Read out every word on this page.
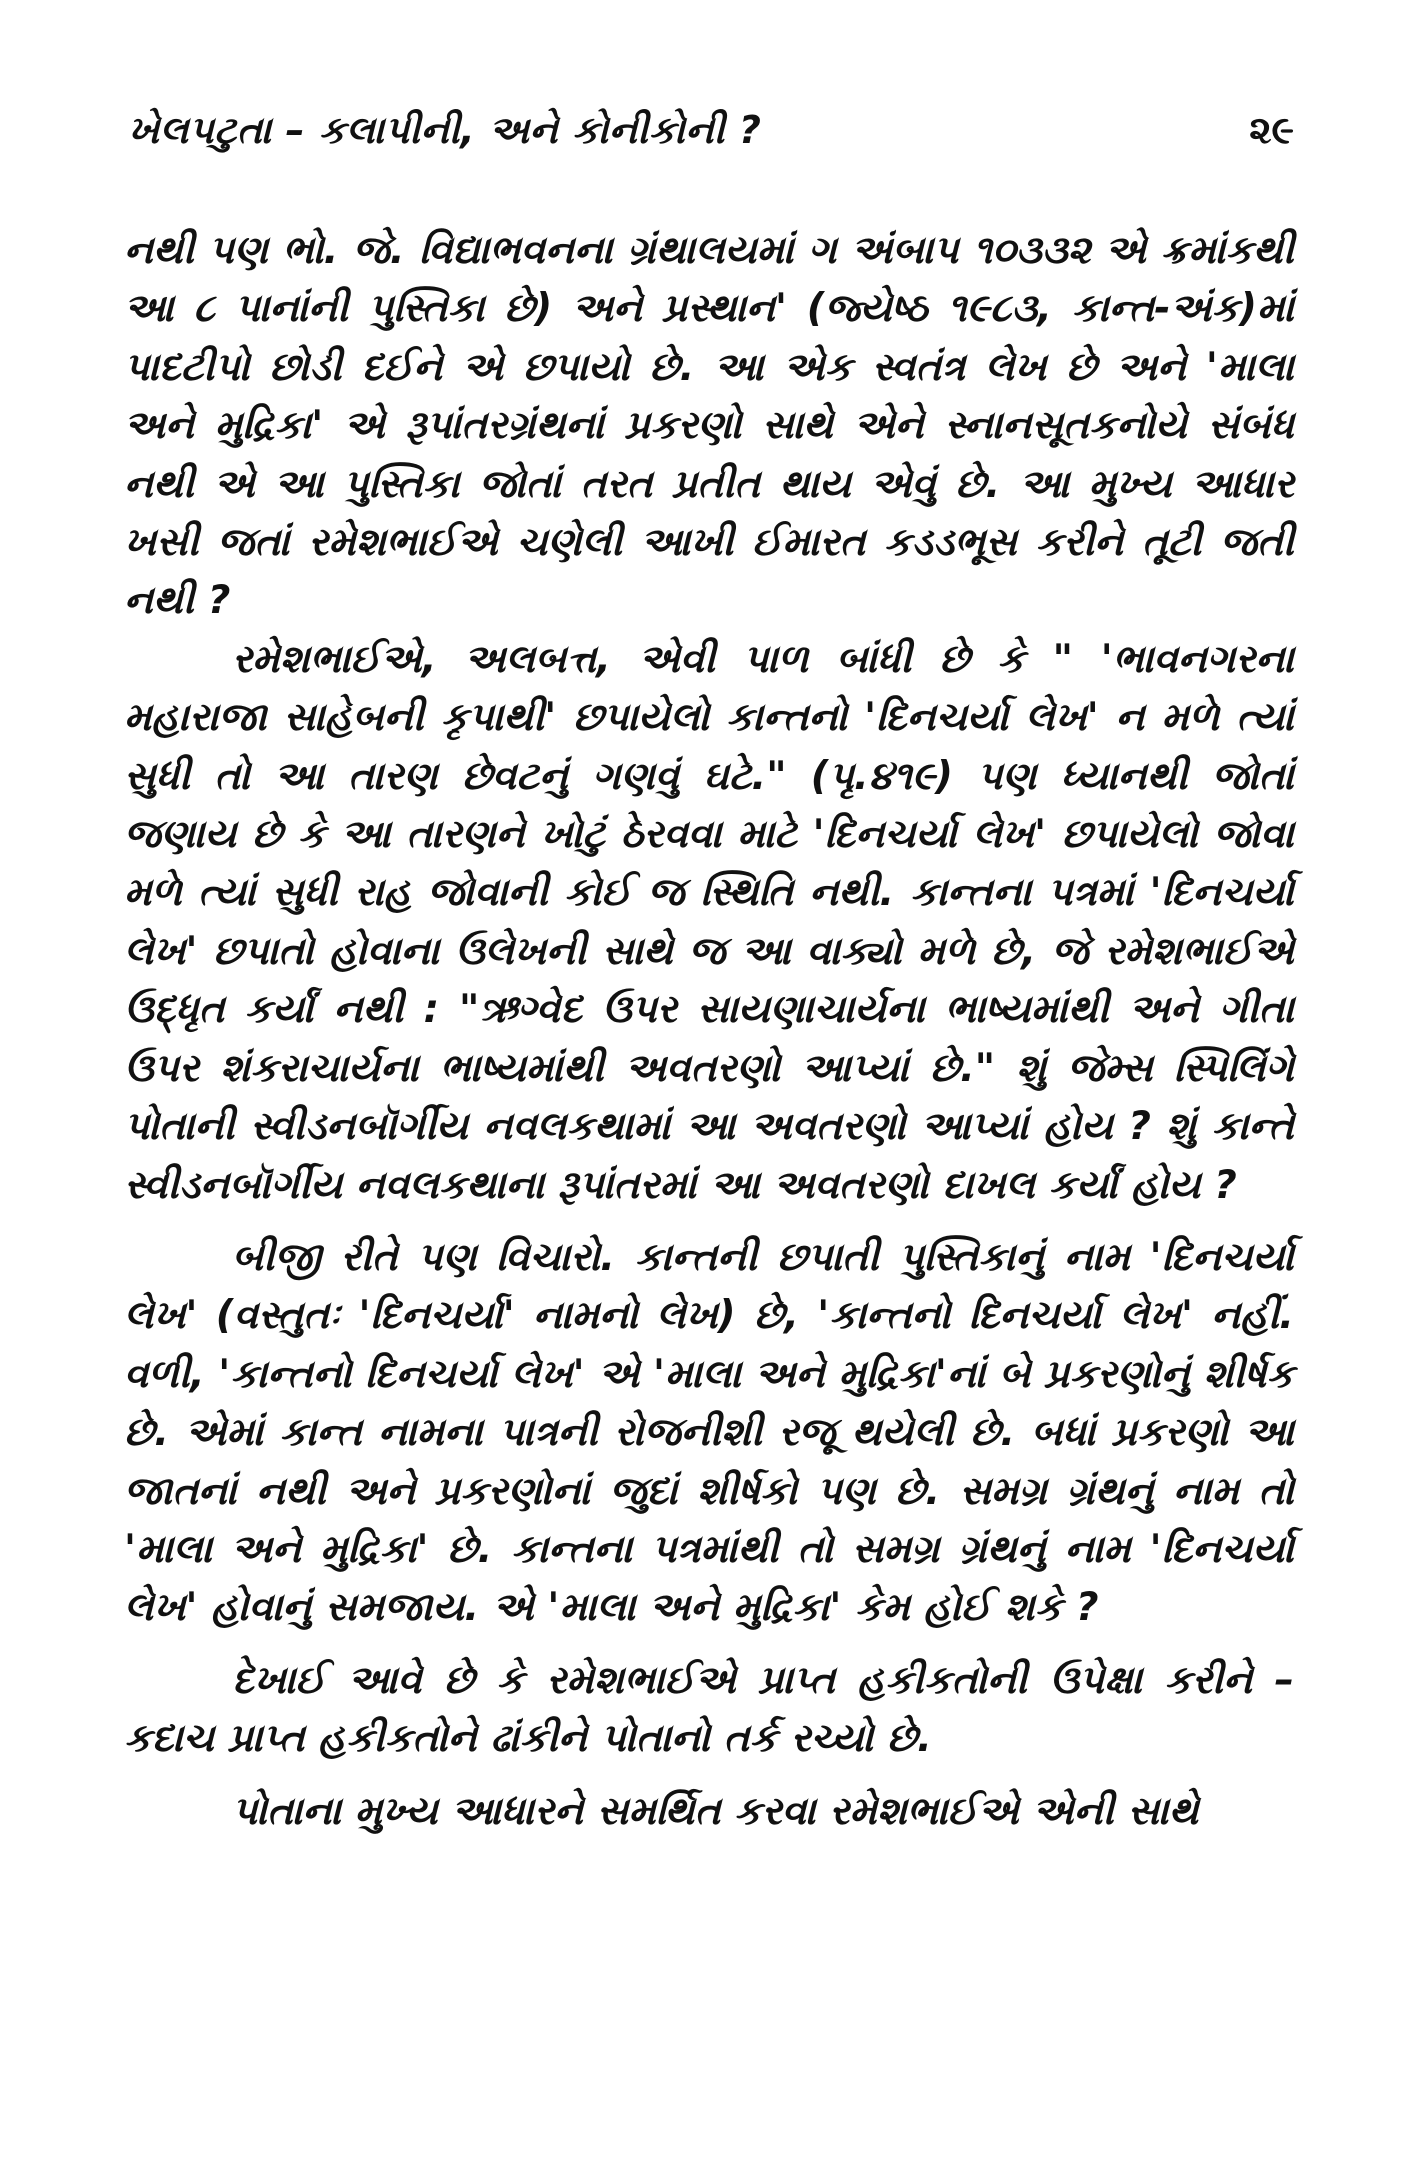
ખેલપટુતા – કલાપીની, અને કોનીકોની ?	૨૯

નથી પણ ભો. જે. વિદ્યાભવનના ગ્રંથાલયમાં ગ અંબાપ ૧૦૩૩૨ એ ક્રમાંકથી આ ૮ પાનાંની પુસ્તિકા છે) અને પ્રસ્થાન' (જ્યેષ્ઠ ૧૯૮૩, કાન્ત-અંક)માં પાદટીપો છોડી દઈને એ છપાયો છે. આ એક સ્વતંત્ર લેખ છે અને 'માલા અને મુદ્રિકા' એ રૂપાંતરગ્રંથનાં પ્રકરણો સાથે એને સ્નાનસૂતકનોયે સંબંધ નથી એ આ પુસ્તિકા જોતાં તરત પ્રતીત થાય એવું છે. આ મુખ્ય આધાર ખસી જતાં રમેશભાઈએ ચણેલી આખી ઈમારત કડડભૂસ કરીને તૂટી જતી નથી ?

રમેશભાઈએ, અલબત્ત, એવી પાળ બાંધી છે કે " 'ભાવનગરના મહારાજા સાહેબની કૃપાથી' છપાયેલો કાન્તનો 'દિનચર્યા લેખ' ન મળે ત્યાં સુધી તો આ તારણ છેવટનું ગણવું ઘટે." (પૃ.૪૧૯) પણ ધ્યાનથી જોતાં જણાય છે કે આ તારણને ખોટું ઠેરવવા માટે 'દિનચર્યા લેખ' છપાયેલો જોવા મળે ત્યાં સુધી રાહ જોવાની કોઈ જ સ્થિતિ નથી. કાન્તના પત્રમાં 'દિનચર્યા લેખ' છપાતો હોવાના ઉલેખની સાથે જ આ વાક્યો મળે છે, જે રમેશભાઈએ ઉદ્ધૃત કર્યાં નથી : "ઋગ્વેદ ઉપર સાયણાચાર્યના ભાષ્યમાંથી અને ગીતા ઉપર શંકરાચાર્યના ભાષ્યમાંથી અવતરણો આપ્યાં છે." શું જેમ્સ સ્પિલિંગે પોતાની સ્વીડનબૉર્ગીય નવલકથામાં આ અવતરણો આપ્યાં હોય ? શું કાન્તે સ્વીડનબૉર્ગીય નવલકથાના રૂપાંતરમાં આ અવતરણો દાખલ કર્યાં હોય ?

બીજી રીતે પણ વિચારો. કાન્તની છપાતી પુસ્તિકાનું નામ 'દિનચર્યા લેખ' (વસ્તુતઃ 'દિનચર્યા' નામનો લેખ) છે, 'કાન્તનો દિનચર્યા લેખ' નહીં. વળી, 'કાન્તનો દિનચર્યા લેખ' એ 'માલા અને મુદ્રિકા'નાં બે પ્રકરણોનું શીર્ષક છે. એમાં કાન્ત નામના પાત્રની રોજનીશી રજૂ થયેલી છે. બધાં પ્રકરણો આ જાતનાં નથી અને પ્રકરણોનાં જુદાં શીર્ષકો પણ છે. સમગ્ર ગ્રંથનું નામ તો 'માલા અને મુદ્રિકા' છે. કાન્તના પત્રમાંથી તો સમગ્ર ગ્રંથનું નામ 'દિનચર્યા લેખ' હોવાનું સમજાય. એ 'માલા અને મુદ્રિકા' કેમ હોઈ શકે ?

દેખાઈ આવે છે કે રમેશભાઈએ પ્રાપ્ત હકીકતોની ઉપેક્ષા કરીને – કદાચ પ્રાપ્ત હકીકતોને ઢાંકીને પોતાનો તર્ક રચ્યો છે.

પોતાના મુખ્ય આધારને સમર્થિત કરવા રમેશભાઈએ એની સાથે
